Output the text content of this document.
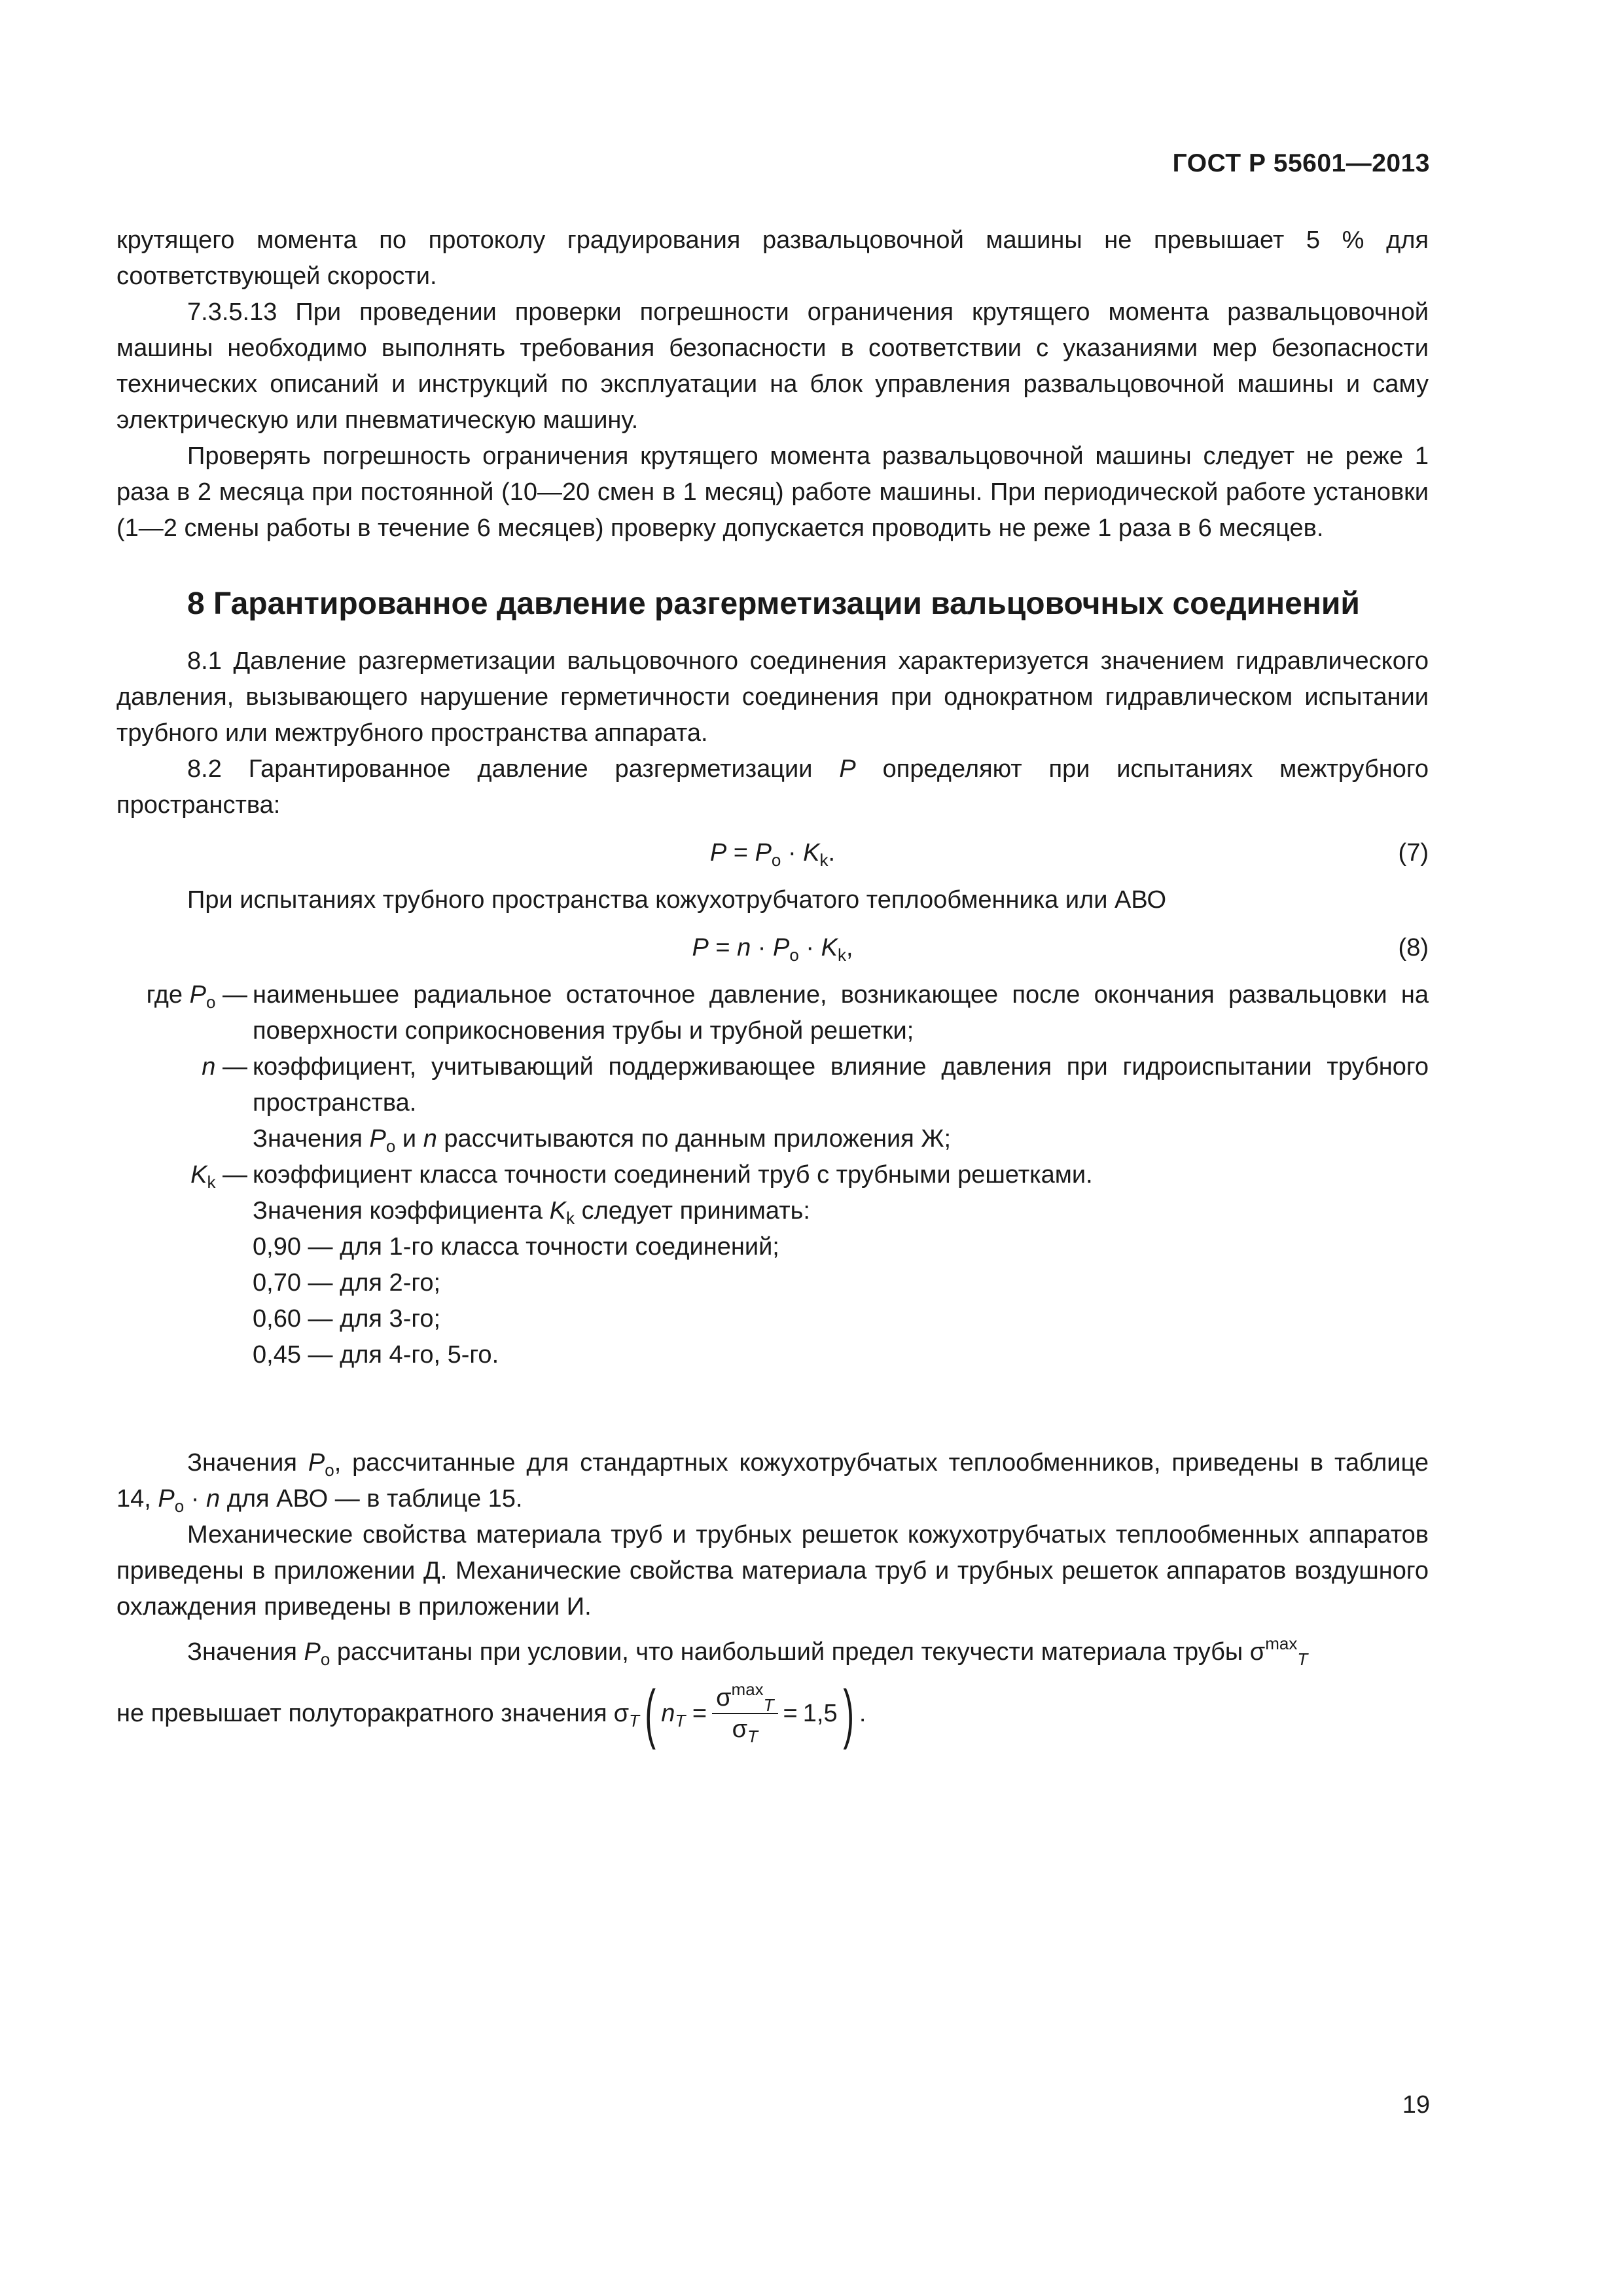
ГОСТ Р 55601—2013

крутящего момента по протоколу градуирования развальцовочной машины не превышает 5 % для соответствующей скорости.

7.3.5.13 При проведении проверки погрешности ограничения крутящего момента развальцовочной машины необходимо выполнять требования безопасности в соответствии с указаниями мер безопасности технических описаний и инструкций по эксплуатации на блок управления развальцовочной машины и саму электрическую или пневматическую машину.

Проверять погрешность ограничения крутящего момента развальцовочной машины следует не реже 1 раза в 2 месяца при постоянной (10—20 смен в 1 месяц) работе машины. При периодической работе установки (1—2 смены работы в течение 6 месяцев) проверку допускается проводить не реже 1 раза в 6 месяцев.

8 Гарантированное давление разгерметизации вальцовочных соединений

8.1 Давление разгерметизации вальцовочного соединения характеризуется значением гидравлического давления, вызывающего нарушение герметичности соединения при однократном гидравлическом испытании трубного или межтрубного пространства аппарата.

8.2 Гарантированное давление разгерметизации P определяют при испытаниях межтрубного пространства:

$P = P_о \cdot K_k$.	(7)

При испытаниях трубного пространства кожухотрубчатого теплообменника или АВО

$P = n \cdot P_о \cdot K_k$,	(8)
где $P_о$ — наименьшее радиальное остаточное давление, возникающее после окончания развальцовки на поверхности соприкосновения трубы и трубной решетки;
n — коэффициент, учитывающий поддерживающее влияние давления при гидроиспытании трубного пространства.
Значения $P_о$ и n рассчитываются по данным приложения Ж;
$K_k$ — коэффициент класса точности соединений труб с трубными решетками.
Значения коэффициента $K_k$ следует принимать:
0,90 — для 1-го класса точности соединений;
0,70 — для 2-го;
0,60 — для 3-го;
0,45 — для 4-го, 5-го.

Значения $P_о$, рассчитанные для стандартных кожухотрубчатых теплообменников, приведены в таблице 14, $P_о \cdot n$ для АВО — в таблице 15.

Механические свойства материала труб и трубных решеток кожухотрубчатых теплообменных аппаратов приведены в приложении Д. Механические свойства материала труб и трубных решеток аппаратов воздушного охлаждения приведены в приложении И.

Значения $P_о$ рассчитаны при условии, что наибольший предел текучести материала трубы $\sigma^{max}_T$

не превышает полуторакратного значения $\sigma_T$ ( $n_T = \frac{\sigma^{max}_T}{\sigma_T} = 1,5$ ) .
19
